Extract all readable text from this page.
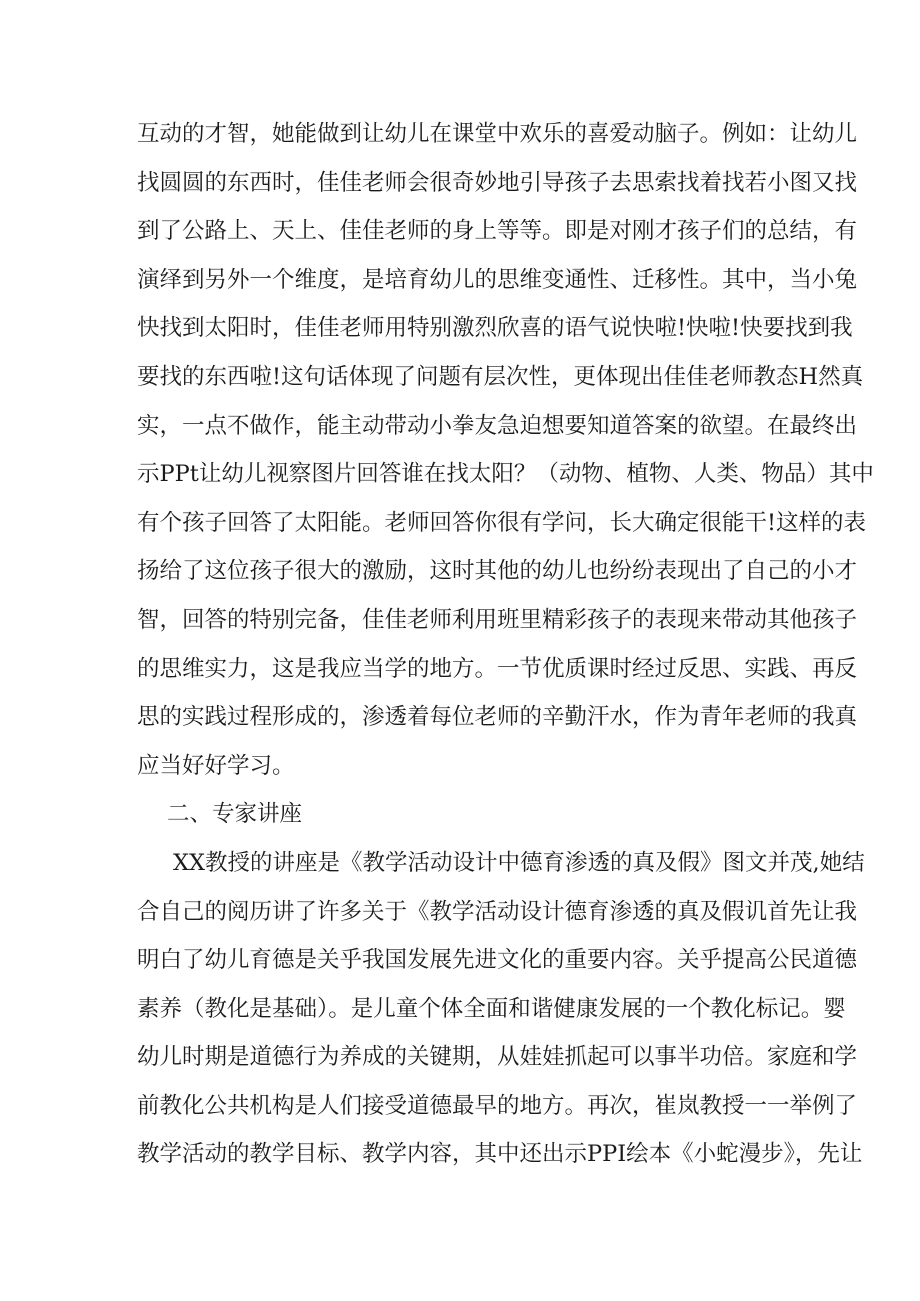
互动的才智，她能做到让幼儿在课堂中欢乐的喜爱动脑子。例如：让幼儿
找圆圆的东西时，佳佳老师会很奇妙地引导孩子去思索找着找若小图又找
到了公路上、天上、佳佳老师的身上等等。即是对刚才孩子们的总结，有
演绎到另外一个维度，是培育幼儿的思维变通性、迁移性。其中，当小兔
快找到太阳时，佳佳老师用特别激烈欣喜的语气说快啦!快啦!快要找到我
要找的东西啦!这句话体现了问题有层次性，更体现出佳佳老师教态H然真
实，一点不做作，能主动带动小拳友急迫想要知道答案的欲望。在最终出
示PPt让幼儿视察图片回答谁在找太阳？（动物、植物、人类、物品）其中
有个孩子回答了太阳能。老师回答你很有学问，长大确定很能干!这样的表
扬给了这位孩子很大的激励，这时其他的幼儿也纷纷表现出了自己的小才
智，回答的特别完备，佳佳老师利用班里精彩孩子的表现来带动其他孩子
的思维实力，这是我应当学的地方。一节优质课时经过反思、实践、再反
思的实践过程形成的，渗透着每位老师的辛勤汗水，作为青年老师的我真
应当好好学习。
二、专家讲座
XX教授的讲座是《教学活动设计中德育渗透的真及假》图文并茂,她结
合自己的阅历讲了许多关于《教学活动设计德育渗透的真及假讥首先让我
明白了幼儿育德是关乎我国发展先进文化的重要内容。关乎提高公民道德
素养（教化是基础）。是儿童个体全面和谐健康发展的一个教化标记。婴
幼儿时期是道德行为养成的关键期，从娃娃抓起可以事半功倍。家庭和学
前教化公共机构是人们接受道德最早的地方。再次，崔岚教授一一举例了
教学活动的教学目标、教学内容，其中还出示PPI绘本《小蛇漫步》，先让
